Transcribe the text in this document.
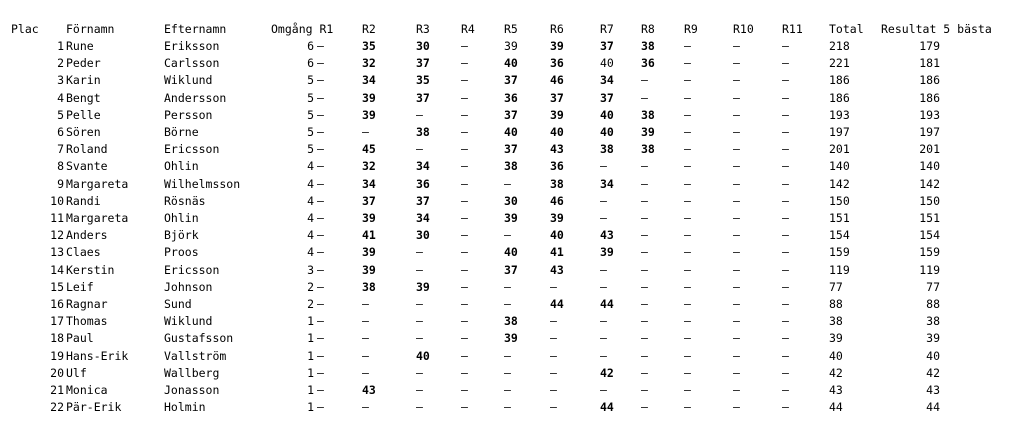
Plac	Förnamn	Efternamn	Omgång R1	R2	R3	R4	R5	R6	R7	R8	R9	R10	R11	Total	Resultat 5 bästa
1 Rune	Eriksson	6 –	35	30	–	39	39	37	38	–	–	–	218	179
2 Peder	Carlsson	6 –	32	37	–	40	36	40	36	–	–	–	221	181
3 Karin	Wiklund	5 –	34	35	–	37	46	34	–	–	–	–	186	186
4 Bengt	Andersson	5 –	39	37	–	36	37	37	–	–	–	–	186	186
5 Pelle	Persson	5 –	39	–	–	37	39	40	38	–	–	–	193	193
6 Sören	Börne	5 –	–	38	–	40	40	40	39	–	–	–	197	197
7 Roland	Ericsson	5 –	45	–	–	37	43	38	38	–	–	–	201	201
8 Svante	Ohlin	4 –	32	34	–	38	36	–	–	–	–	–	140	140
9 Margareta	Wilhelmsson	4 –	34	36	–	–	38	34	–	–	–	–	142	142
10 Randi	Rösnäs	4 –	37	37	–	30	46	–	–	–	–	–	150	150
11 Margareta	Ohlin	4 –	39	34	–	39	39	–	–	–	–	–	151	151
12 Anders	Björk	4 –	41	30	–	–	40	43	–	–	–	–	154	154
13 Claes	Proos	4 –	39	–	–	40	41	39	–	–	–	–	159	159
14 Kerstin	Ericsson	3 –	39	–	–	37	43	–	–	–	–	–	119	119
15 Leif	Johnson	2 –	38	39	–	–	–	–	–	–	–	–	77	77
16 Ragnar	Sund	2 –	–	–	–	–	44	44	–	–	–	–	88	88
17 Thomas	Wiklund	1 –	–	–	–	38	–	–	–	–	–	–	38	38
18 Paul	Gustafsson	1 –	–	–	–	39	–	–	–	–	–	–	39	39
19 Hans-Erik	Vallström	1 –	–	40	–	–	–	–	–	–	–	–	40	40
20 Ulf	Wallberg	1 –	–	–	–	–	–	42	–	–	–	–	42	42
21 Monica	Jonasson	1 –	43	–	–	–	–	–	–	–	–	–	43	43
22 Pär-Erik	Holmin	1 –	–	–	–	–	–	44	–	–	–	–	44	44
